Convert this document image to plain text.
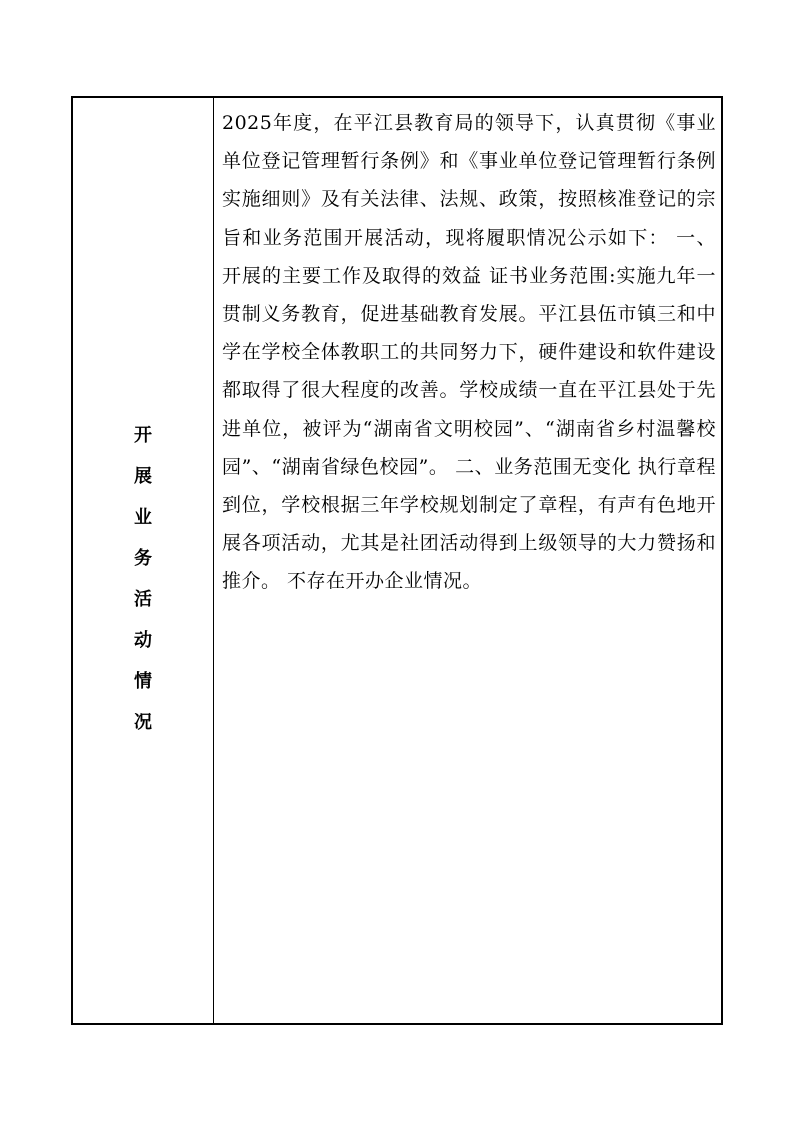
开
展
业
务
活
动
情
况

2025年度，在平江县教育局的领导下，认真贯彻《事业单位登记管理暂行条例》和《事业单位登记管理暂行条例实施细则》及有关法律、法规、政策，按照核准登记的宗旨和业务范围开展活动，现将履职情况公示如下： 一、开展的主要工作及取得的效益 证书业务范围:实施九年一贯制义务教育，促进基础教育发展。平江县伍市镇三和中学在学校全体教职工的共同努力下，硬件建设和软件建设都取得了很大程度的改善。学校成绩一直在平江县处于先进单位，被评为“湖南省文明校园”、“湖南省乡村温馨校园”、“湖南省绿色校园”。 二、业务范围无变化 执行章程到位，学校根据三年学校规划制定了章程，有声有色地开展各项活动，尤其是社团活动得到上级领导的大力赞扬和推介。 不存在开办企业情况。
